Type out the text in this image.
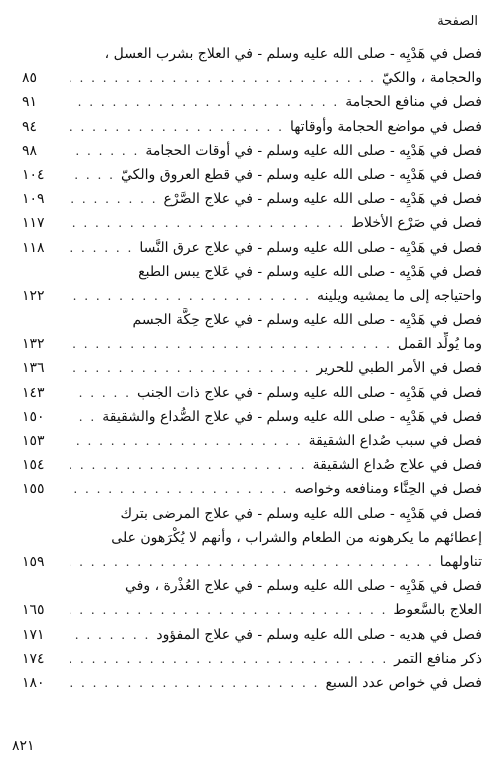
الصفحة
فصل في هَدْيِه - صلى الله عليه وسلم - في العلاج بشرب العسل ،
والحجامة ، والكيّ
. . .
٨٥
فصل في منافع الحجامة
. . .
٩١
فصل في مواضع الحجامة وأوقاتها
. . .
٩٤
فصل في هَدْيِه - صلى الله عليه وسلم - في أوقات الحجامة
. . .
٩٨
فصل في هَدْيِه - صلى الله عليه وسلم - في قطع العروق والكيّ
. . .
١٠٤
فصل في هَدْيِه - صلى الله عليه وسلم - في علاج الصَّرْع
. . .
١٠٩
فصل في صَرْع الأخلاط
. . .
١١٧
فصل في هَدْيِه - صلى الله عليه وسلم - في علاج عرق النَّسا
. . .
١١٨
فصل في هَدْيِه - صلى الله عليه وسلم - في عَلاج يبس الطبع
واحتياجه إلى ما يمشيه ويلينه
. . .
١٢٢
فصل في هَدْيِه - صلى الله عليه وسلم - في علاج حِكَّة الجسم
وما يُولِّد القمل
. . .
١٣٢
فصل في الأمر الطبي للحرير
. . .
١٣٦
فصل في هَدْيِه - صلى الله عليه وسلم - في علاج ذات الجنب
. . .
١٤٣
فصل في هَدْيِه - صلى الله عليه وسلم - في علاج الصُّداع والشقيقة
. . .
١٥٠
فصل في سبب صُداع الشقيقة
. . .
١٥٣
فصل في علاج صُداع الشقيقة
. . .
١٥٤
فصل في الحِنَّاء ومنافعه وخواصه
. . .
١٥٥
فصل في هَدْيِه - صلى الله عليه وسلم - في علاج المرضى بترك
إعطائهم ما يكرهونه من الطعام والشراب ، وأنهم لا يُكْرَهون على
تناولهما
. . .
١٥٩
فصل في هَدْيِه - صلى الله عليه وسلم - في علاج العُذْرة ، وفي
العلاج بالسَّعوط
. . .
١٦٥
فصل في هديه - صلى الله عليه وسلم - في علاج المفؤود
. . .
١٧١
ذكر منافع التمر
. . .
١٧٤
فصل في خواص عدد السبع
. . .
١٨٠
٨٢١
